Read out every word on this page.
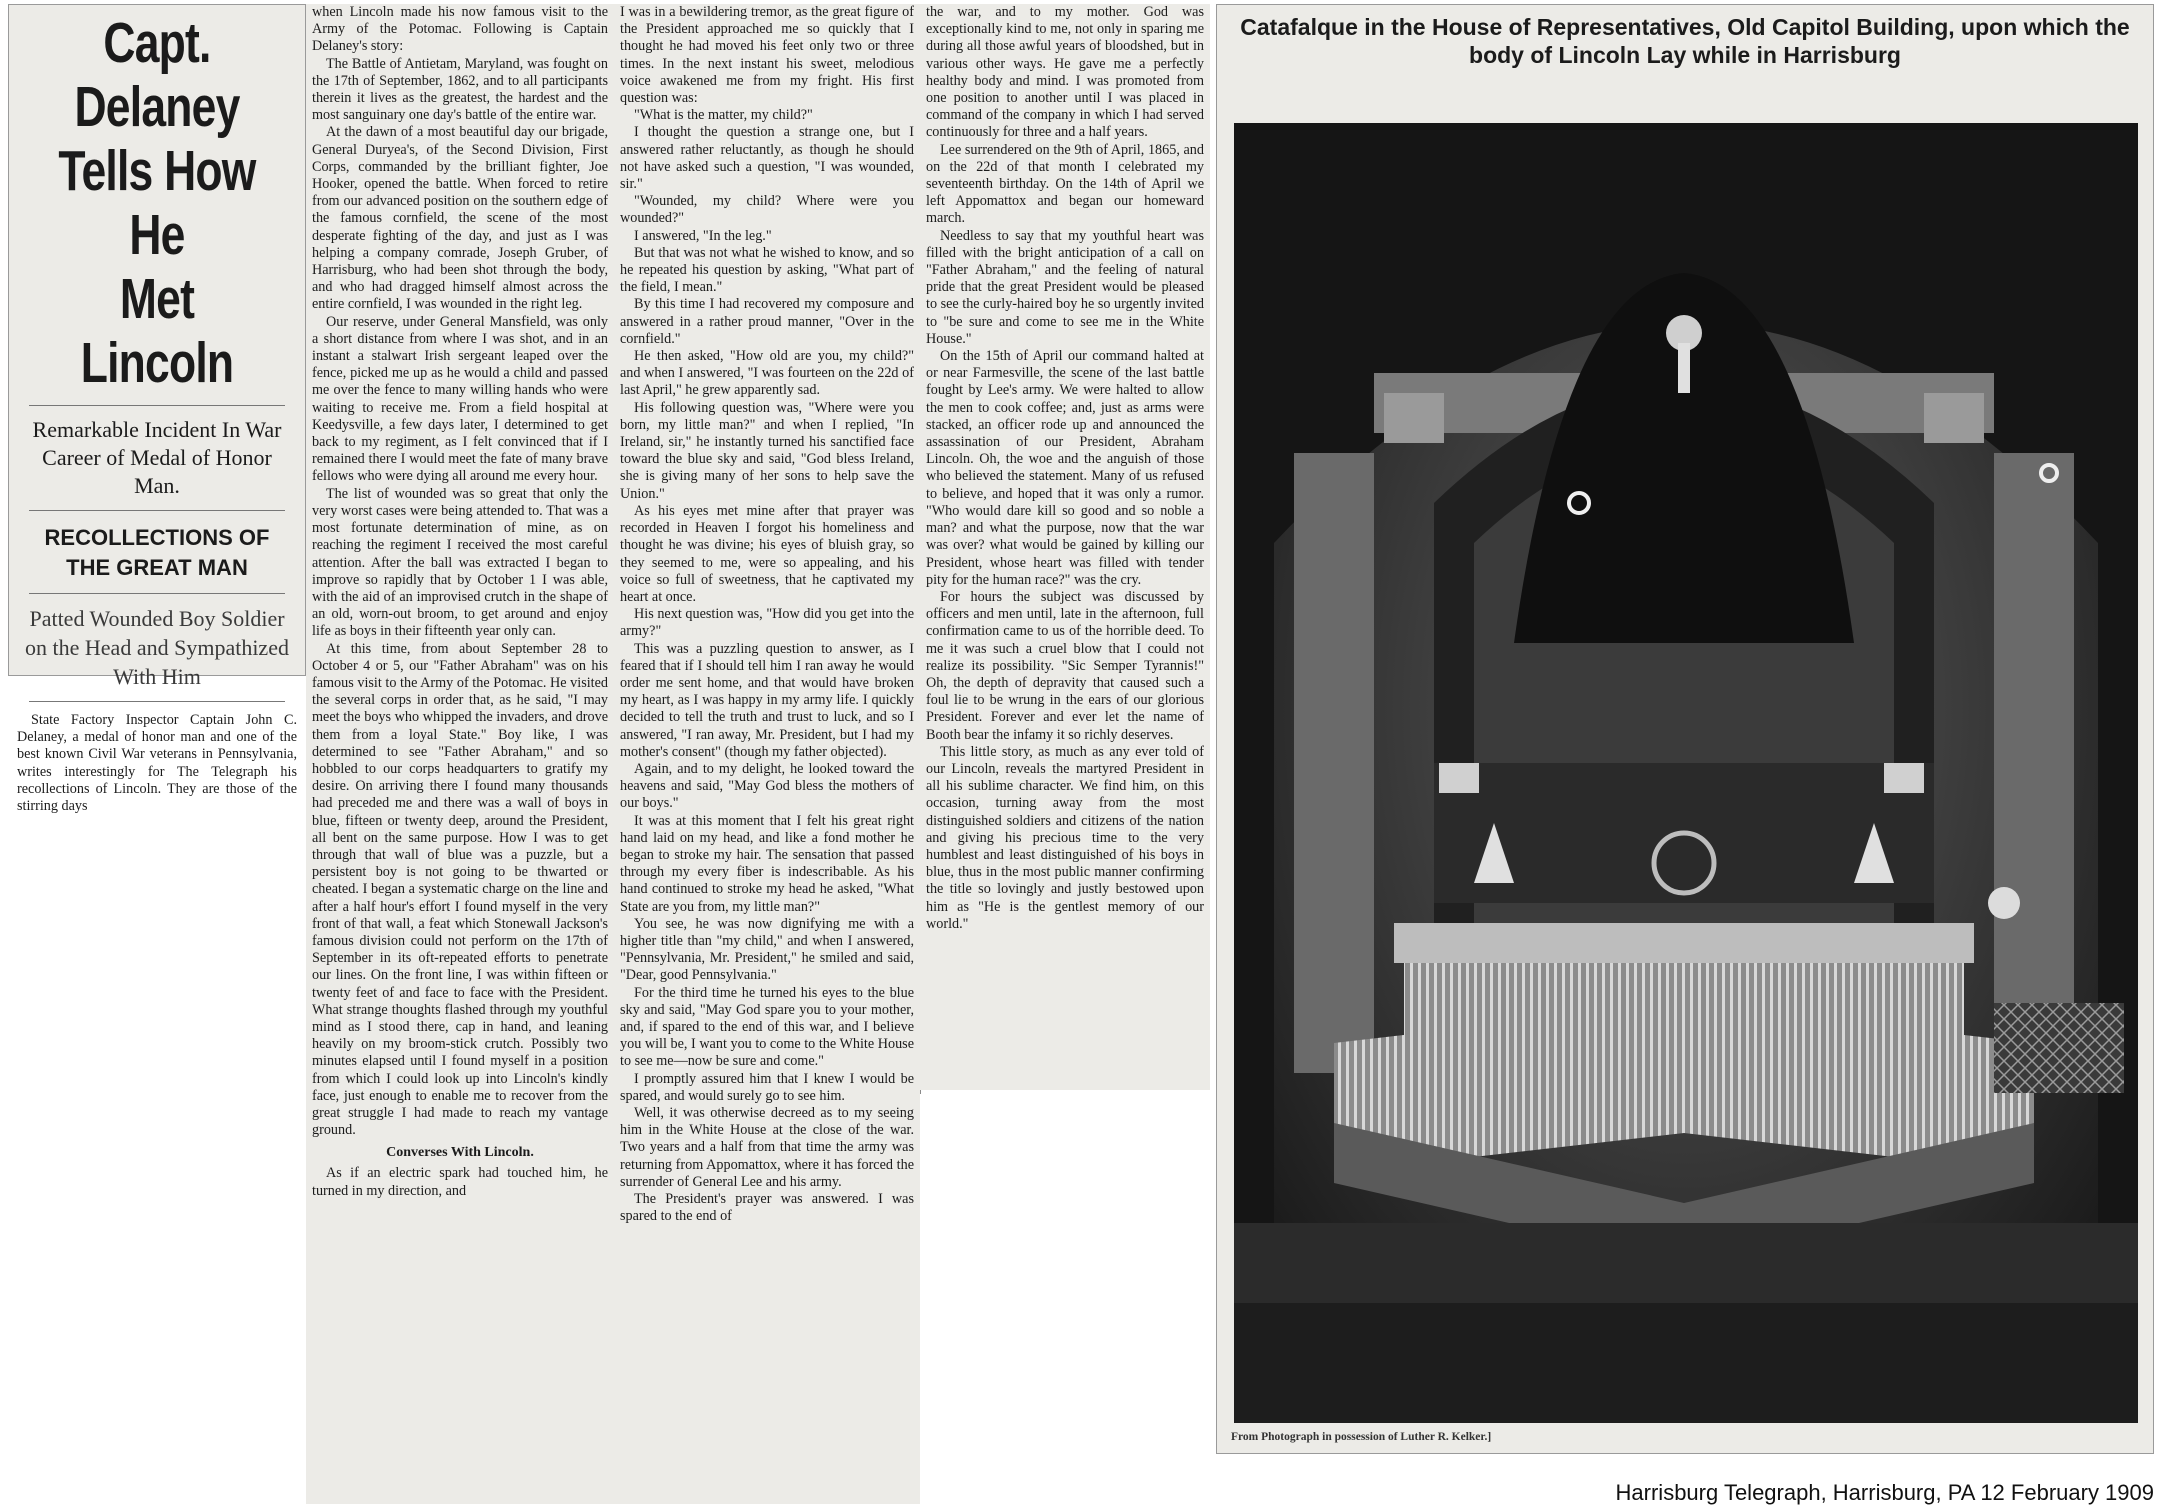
Capt. Delaney
Tells How He
Met Lincoln
Remarkable Incident In War Career of Medal of Honor Man.
RECOLLECTIONS OF
THE GREAT MAN
Patted Wounded Boy Soldier on the Head and Sympathized With Him

State Factory Inspector Captain John C. Delaney, a medal of honor man and one of the best known Civil War veterans in Pennsylvania, writes interestingly for The Telegraph his recollections of Lincoln. They are those of the stirring days

when Lincoln made his now famous visit to the Army of the Potomac. Following is Captain Delaney's story:

The Battle of Antietam, Maryland, was fought on the 17th of September, 1862, and to all participants therein it lives as the greatest, the hardest and the most sanguinary one day's battle of the entire war.

At the dawn of a most beautiful day our brigade, General Duryea's, of the Second Division, First Corps, commanded by the brilliant fighter, Joe Hooker, opened the battle. When forced to retire from our advanced position on the southern edge of the famous cornfield, the scene of the most desperate fighting of the day, and just as I was helping a company comrade, Joseph Gruber, of Harrisburg, who had been shot through the body, and who had dragged himself almost across the entire cornfield, I was wounded in the right leg.

Our reserve, under General Mansfield, was only a short distance from where I was shot, and in an instant a stalwart Irish sergeant leaped over the fence, picked me up as he would a child and passed me over the fence to many willing hands who were waiting to receive me. From a field hospital at Keedysville, a few days later, I determined to get back to my regiment, as I felt convinced that if I remained there I would meet the fate of many brave fellows who were dying all around me every hour.

The list of wounded was so great that only the very worst cases were being attended to. That was a most fortunate determination of mine, as on reaching the regiment I received the most careful attention. After the ball was extracted I began to improve so rapidly that by October 1 I was able, with the aid of an improvised crutch in the shape of an old, worn-out broom, to get around and enjoy life as boys in their fifteenth year only can.

At this time, from about September 28 to October 4 or 5, our "Father Abraham" was on his famous visit to the Army of the Potomac. He visited the several corps in order that, as he said, "I may meet the boys who whipped the invaders, and drove them from a loyal State." Boy like, I was determined to see "Father Abraham," and so hobbled to our corps headquarters to gratify my desire. On arriving there I found many thousands had preceded me and there was a wall of boys in blue, fifteen or twenty deep, around the President, all bent on the same purpose. How I was to get through that wall of blue was a puzzle, but a persistent boy is not going to be thwarted or cheated. I began a systematic charge on the line and after a half hour's effort I found myself in the very front of that wall, a feat which Stonewall Jackson's famous division could not perform on the 17th of September in its oft-repeated efforts to penetrate our lines. On the front line, I was within fifteen or twenty feet of and face to face with the President. What strange thoughts flashed through my youthful mind as I stood there, cap in hand, and leaning heavily on my broom-stick crutch. Possibly two minutes elapsed until I found myself in a position from which I could look up into Lincoln's kindly face, just enough to enable me to recover from the great struggle I had made to reach my vantage ground.

Converses With Lincoln.

As if an electric spark had touched him, he turned in my direction, and

I was in a bewildering tremor, as the great figure of the President approached me so quickly that I thought he had moved his feet only two or three times. In the next instant his sweet, melodious voice awakened me from my fright. His first question was:

"What is the matter, my child?"

I thought the question a strange one, but I answered rather reluctantly, as though he should not have asked such a question, "I was wounded, sir."

"Wounded, my child? Where were you wounded?"

I answered, "In the leg."

But that was not what he wished to know, and so he repeated his question by asking, "What part of the field, I mean."

By this time I had recovered my composure and answered in a rather proud manner, "Over in the cornfield."

He then asked, "How old are you, my child?" and when I answered, "I was fourteen on the 22d of last April," he grew apparently sad.

His following question was, "Where were you born, my little man?" and when I replied, "In Ireland, sir," he instantly turned his sanctified face toward the blue sky and said, "God bless Ireland, she is giving many of her sons to help save the Union."

As his eyes met mine after that prayer was recorded in Heaven I forgot his homeliness and thought he was divine; his eyes of bluish gray, so they seemed to me, were so appealing, and his voice so full of sweetness, that he captivated my heart at once.

His next question was, "How did you get into the army?"

This was a puzzling question to answer, as I feared that if I should tell him I ran away he would order me sent home, and that would have broken my heart, as I was happy in my army life. I quickly decided to tell the truth and trust to luck, and so I answered, "I ran away, Mr. President, but I had my mother's consent" (though my father objected).

Again, and to my delight, he looked toward the heavens and said, "May God bless the mothers of our boys."

It was at this moment that I felt his great right hand laid on my head, and like a fond mother he began to stroke my hair. The sensation that passed through my every fiber is indescribable. As his hand continued to stroke my head he asked, "What State are you from, my little man?"

You see, he was now dignifying me with a higher title than "my child," and when I answered, "Pennsylvania, Mr. President," he smiled and said, "Dear, good Pennsylvania."

For the third time he turned his eyes to the blue sky and said, "May God spare you to your mother, and, if spared to the end of this war, and I believe you will be, I want you to come to the White House to see me—now be sure and come."

I promptly assured him that I knew I would be spared, and would surely go to see him.

Well, it was otherwise decreed as to my seeing him in the White House at the close of the war. Two years and a half from that time the army was returning from Appomattox, where it has forced the surrender of General Lee and his army.

The President's prayer was answered. I was spared to the end of

the war, and to my mother. God was exceptionally kind to me, not only in sparing me during all those awful years of bloodshed, but in various other ways. He gave me a perfectly healthy body and mind. I was promoted from one position to another until I was placed in command of the company in which I had served continuously for three and a half years.

Lee surrendered on the 9th of April, 1865, and on the 22d of that month I celebrated my seventeenth birthday. On the 14th of April we left Appomattox and began our homeward march.

Needless to say that my youthful heart was filled with the bright anticipation of a call on "Father Abraham," and the feeling of natural pride that the great President would be pleased to see the curly-haired boy he so urgently invited to "be sure and come to see me in the White House."

On the 15th of April our command halted at or near Farmesville, the scene of the last battle fought by Lee's army. We were halted to allow the men to cook coffee; and, just as arms were stacked, an officer rode up and announced the assassination of our President, Abraham Lincoln. Oh, the woe and the anguish of those who believed the statement. Many of us refused to believe, and hoped that it was only a rumor. "Who would dare kill so good and so noble a man? and what the purpose, now that the war was over? what would be gained by killing our President, whose heart was filled with tender pity for the human race?" was the cry.

For hours the subject was discussed by officers and men until, late in the afternoon, full confirmation came to us of the horrible deed. To me it was such a cruel blow that I could not realize its possibility. "Sic Semper Tyrannis!" Oh, the depth of depravity that caused such a foul lie to be wrung in the ears of our glorious President. Forever and ever let the name of Booth bear the infamy it so richly deserves.

This little story, as much as any ever told of our Lincoln, reveals the martyred President in all his sublime character. We find him, on this occasion, turning away from the most distinguished soldiers and citizens of the nation and giving his precious time to the very humblest and least distinguished of his boys in blue, thus in the most public manner confirming the title so lovingly and justly bestowed upon him as "He is the gentlest memory of our world."

Catafalque in the House of Representatives, Old Capitol Building, upon which the body of Lincoln Lay while in Harrisburg
From Photograph in possession of Luther R. Kelker.]
Harrisburg Telegraph, Harrisburg, PA 12 February 1909
